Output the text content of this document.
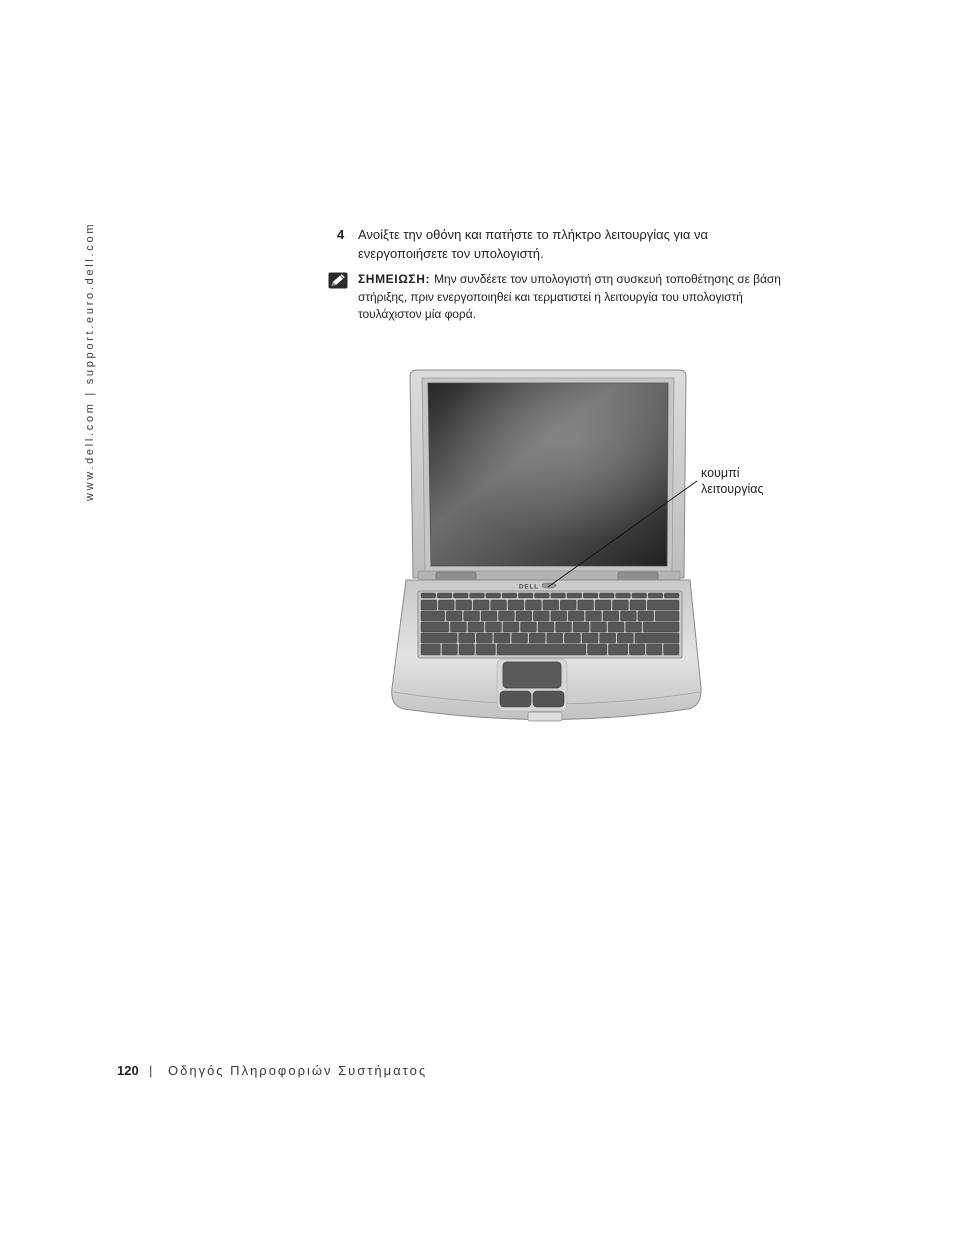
www.dell.com | support.euro.dell.com	4 Ανοίξτε την οθόνη και πατήστε το πλήκτρο λειτουργίας για να
ενεργοποιήσετε τον υπολογιστή.
ΣΗΜΕΙΩΣΗ: Μην συνδέετε τον υπολογιστή στη συσκευή τοποθέτησης σε βάση
στήριξης, πριν ενεργοποιηθεί και τερματιστεί η λειτουργία του υπολογιστή
τουλάχιστον μία φορά.
DELL
κουμπί
λειτουργίας
120 | Οδηγός Πληροφοριών Συστήματος
